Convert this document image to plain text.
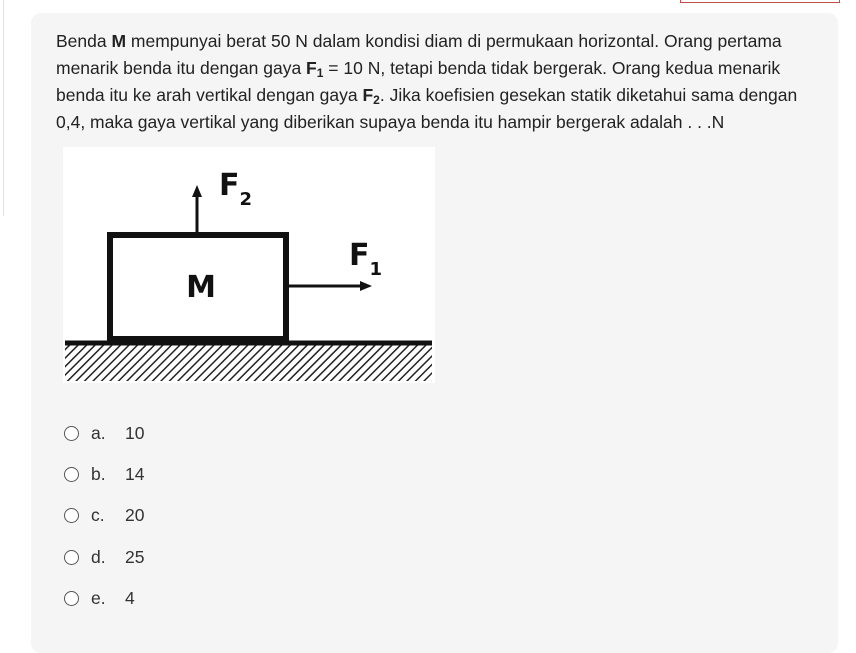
Benda M mempunyai berat 50 N dalam kondisi diam di permukaan horizontal. Orang pertama menarik benda itu dengan gaya $F_1 = 10$ N, tetapi benda tidak bergerak. Orang kedua menarik benda itu ke arah vertikal dengan gaya $F_2$. Jika koefisien gesekan statik diketahui sama dengan 0,4, maka gaya vertikal yang diberikan supaya benda itu hampir bergerak adalah . . .N
M
F2
F1
a.	10
b.	14
c.	20
d.	25
e.	4
